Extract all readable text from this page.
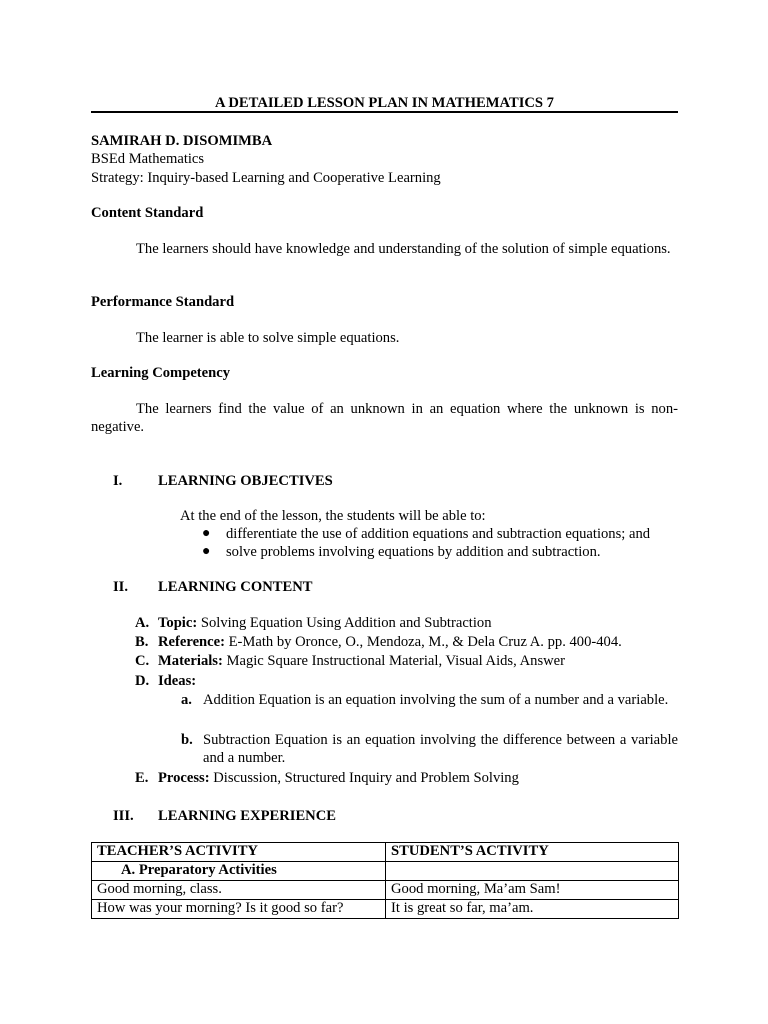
A DETAILED LESSON PLAN IN MATHEMATICS 7
SAMIRAH D. DISOMIMBA
BSEd Mathematics
Strategy: Inquiry-based Learning and Cooperative Learning
Content Standard
The learners should have knowledge and understanding of the solution of simple equations.
Performance Standard
The learner is able to solve simple equations.
Learning Competency
The learners find the value of an unknown in an equation where the unknown is non-negative.
I. LEARNING OBJECTIVES
At the end of the lesson, the students will be able to:
● differentiate the use of addition equations and subtraction equations; and
● solve problems involving equations by addition and subtraction.
II. LEARNING CONTENT
A. Topic: Solving Equation Using Addition and Subtraction
B. Reference: E-Math by Oronce, O., Mendoza, M., & Dela Cruz A. pp. 400-404.
C. Materials: Magic Square Instructional Material, Visual Aids, Answer
D. Ideas:
a. Addition Equation is an equation involving the sum of a number and a variable.
b. Subtraction Equation is an equation involving the difference between a variable and a number.
E. Process: Discussion, Structured Inquiry and Problem Solving
III. LEARNING EXPERIENCE
TEACHER’S ACTIVITY	STUDENT’S ACTIVITY
A. Preparatory Activities	
Good morning, class.	Good morning, Ma’am Sam!
How was your morning? Is it good so far?	It is great so far, ma’am.
